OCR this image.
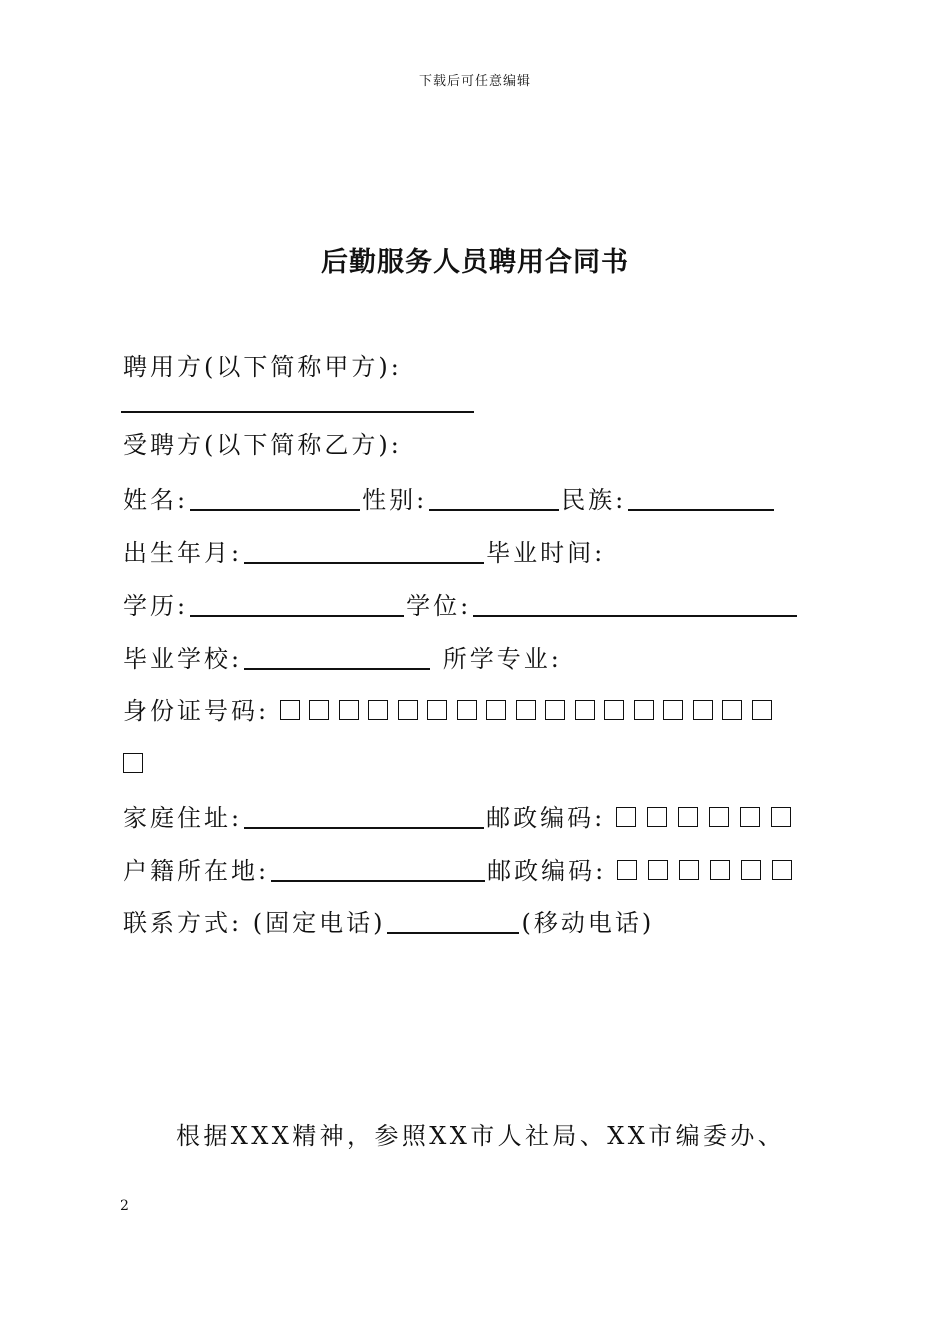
下载后可任意编辑
后勤服务人员聘用合同书
聘用方(以下简称甲方):
受聘方(以下简称乙方):
姓名:	性别:	民族:
出生年月:	毕业时间:
学历:	学位:
毕业学校:	所学专业:
身份证号码:
家庭住址:	邮政编码:
户籍所在地:	邮政编码:
联系方式: (固定电话)	(移动电话)
根据XXX精神，参照XX市人社局、XX市编委办、
2
